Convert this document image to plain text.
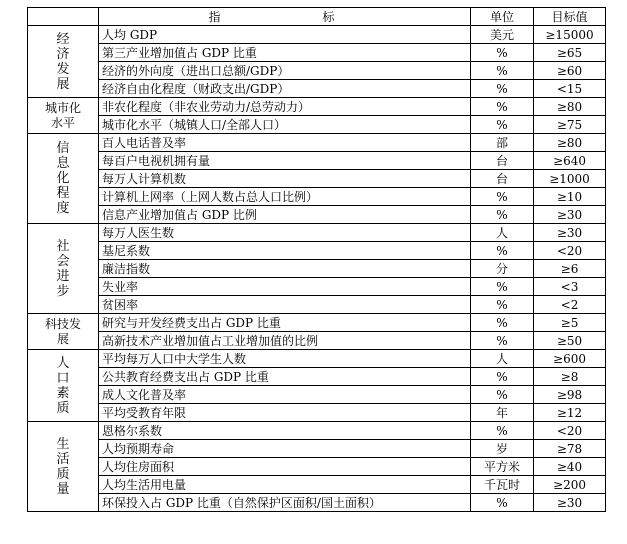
	指　　标	单位	目标值
经济发展	人均 GDP	美元	≥15000
	第三产业增加值占 GDP 比重	%	≥65
	经济的外向度（进出口总额/GDP）	%	≥60
	经济自由化程度（财政支出/GDP）	%	<15
城市化水平	非农化程度（非农业劳动力/总劳动力）	%	≥80
	城市化水平（城镇人口/全部人口）	%	≥75
信息化程度	百人电话普及率	部	≥80
	每百户电视机拥有量	台	≥640
	每万人计算机数	台	≥1000
	计算机上网率（上网人数占总人口比例）	%	≥10
	信息产业增加值占 GDP 比例	%	≥30
社会进步	每万人医生数	人	≥30
	基尼系数	%	<20
	廉洁指数	分	≥6
	失业率	%	<3
	贫困率	%	<2
科技发展	研究与开发经费支出占 GDP 比重	%	≥5
	高新技术产业增加值占工业增加值的比例	%	≥50
人口素质	平均每万人口中大学生人数	人	≥600
	公共教育经费支出占 GDP 比重	%	≥8
	成人文化普及率	%	≥98
	平均受教育年限	年	≥12
生活质量	恩格尔系数	%	<20
	人均预期寿命	岁	≥78
	人均住房面积	平方米	≥40
	人均生活用电量	千瓦时	≥200
	环保投入占 GDP 比重（自然保护区面积/国土面积）	%	≥30
